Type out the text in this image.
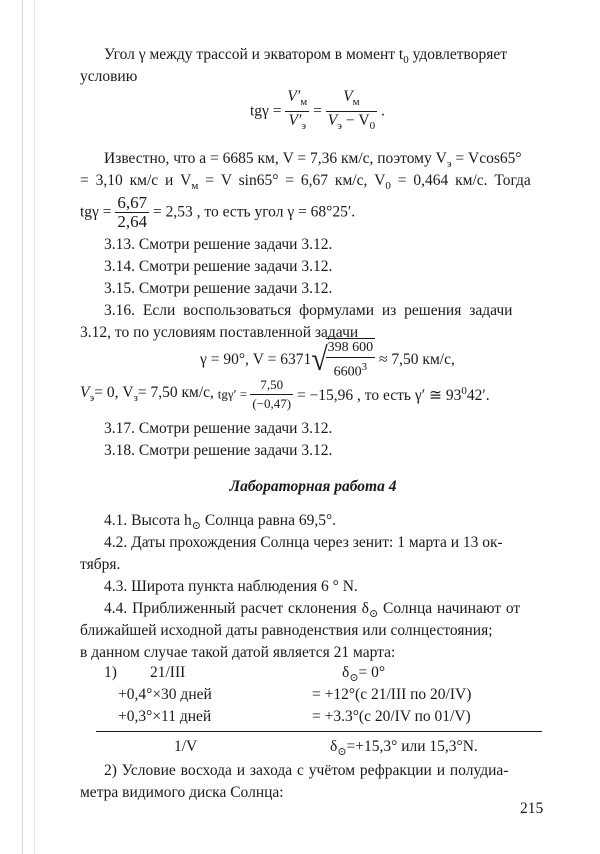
Угол γ между трассой и экватором в момент $t_0$ удовлетворяет
условию
$tg\gamma = \frac{V'_м}{V'_э} = \frac{V_м}{V_э - V_0}$ .
Известно, что a = 6685 км, V = 7,36 км/с, поэтому $V_э = Vcos65^\circ$
= 3,10 км/с и $V_м = V$ sin65° = 6,67 км/с, $V_0 = 0,464$ км/с. Тогда
$tg\gamma = \frac{6,67}{2,64} = 2,53$ , то есть угол γ = 68°25′.
3.13. Смотри решение задачи 3.12.
3.14. Смотри решение задачи 3.12.
3.15. Смотри решение задачи 3.12.
3.16. Если воспользоваться формулами из решения задачи
3.12, то по условиям поставленной задачи
γ = 90°, V = 6371√
$\frac{398 600}{6600^3} \approx 7,50$ км/с,
$V_э= 0$, $V_з= 7,50$ км/с, $tg\gamma' = \frac{7,50}{(-0,47)} = -15,96$ , то есть γ′ ≅ $93^042'$.
3.17. Смотри решение задачи 3.12.
3.18. Смотри решение задачи 3.12.
Лабораторная работа 4
4.1. Высота $h_⊙$ Солнца равна 69,5°.
4.2. Даты прохождения Солнца через зенит: 1 марта и 13 ок-
тября.
4.3. Широта пункта наблюдения 6 ° N.
4.4. Приближенный расчет склонения $\delta_⊙$ Солнца начинают от
ближайшей исходной даты равноденствия или солнцестояния;
в данном случае такой датой является 21 марта:
1) 21/III	$\delta_⊙= 0^\circ$
+0,4°×30 дней	= +12°(с 21/III по 20/IV)
+0,3°×11 дней	= +3.3°(с 20/IV по 01/V)
1/V	$\delta_⊙=+15,3^\circ$ или 15,3°N.
2) Условие восхода и захода с учётом рефракции и полудиа-
метра видимого диска Солнца:
215
